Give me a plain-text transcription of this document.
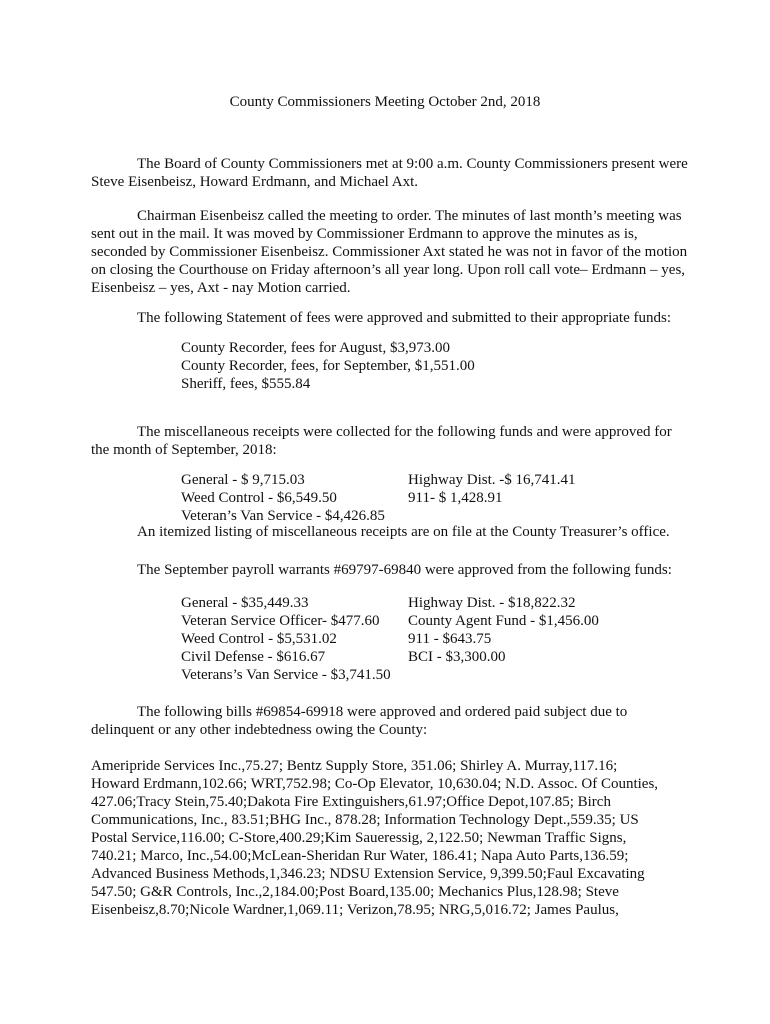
County Commissioners Meeting October 2nd, 2018

The Board of County Commissioners met at 9:00 a.m. County Commissioners present were Steve Eisenbeisz, Howard Erdmann, and Michael Axt.

Chairman Eisenbeisz called the meeting to order. The minutes of last month’s meeting was sent out in the mail. It was moved by Commissioner Erdmann to approve the minutes as is, seconded by Commissioner Eisenbeisz. Commissioner Axt stated he was not in favor of the motion on closing the Courthouse on Friday afternoon’s all year long. Upon roll call vote– Erdmann – yes, Eisenbeisz – yes, Axt - nay Motion carried.

The following Statement of fees were approved and submitted to their appropriate funds:
County Recorder, fees for August, $3,973.00
County Recorder, fees, for September, $1,551.00
Sheriff, fees, $555.84

The miscellaneous receipts were collected for the following funds and were approved for the month of September, 2018:

General - $ 9,715.03	Highway Dist. -$ 16,741.41
Weed Control - $6,549.50	911- $ 1,428.91
Veteran’s Van Service - $4,426.85
An itemized listing of miscellaneous receipts are on file at the County Treasurer’s office.
The September payroll warrants #69797-69840 were approved from the following funds:
General - $35,449.33	Highway Dist. - $18,822.32
Veteran Service Officer- $477.60 County Agent Fund - $1,456.00
Weed Control - $5,531.02	911 - $643.75
Civil Defense - $616.67	BCI - $3,300.00
Veterans’s Van Service - $3,741.50

The following bills #69854-69918 were approved and ordered paid subject due to delinquent or any other indebtedness owing the County:

Ameripride Services Inc.,75.27; Bentz Supply Store, 351.06; Shirley A. Murray,117.16;
Howard Erdmann,102.66; WRT,752.98; Co-Op Elevator, 10,630.04; N.D. Assoc. Of Counties,
427.06;Tracy Stein,75.40;Dakota Fire Extinguishers,61.97;Office Depot,107.85; Birch
Communications, Inc., 83.51;BHG Inc., 878.28; Information Technology Dept.,559.35; US
Postal Service,116.00; C-Store,400.29;Kim Saueressig, 2,122.50; Newman Traffic Signs,
740.21; Marco, Inc.,54.00;McLean-Sheridan Rur Water, 186.41; Napa Auto Parts,136.59;
Advanced Business Methods,1,346.23; NDSU Extension Service, 9,399.50;Faul Excavating
547.50; G&R Controls, Inc.,2,184.00;Post Board,135.00; Mechanics Plus,128.98; Steve
Eisenbeisz,8.70;Nicole Wardner,1,069.11; Verizon,78.95; NRG,5,016.72; James Paulus,
